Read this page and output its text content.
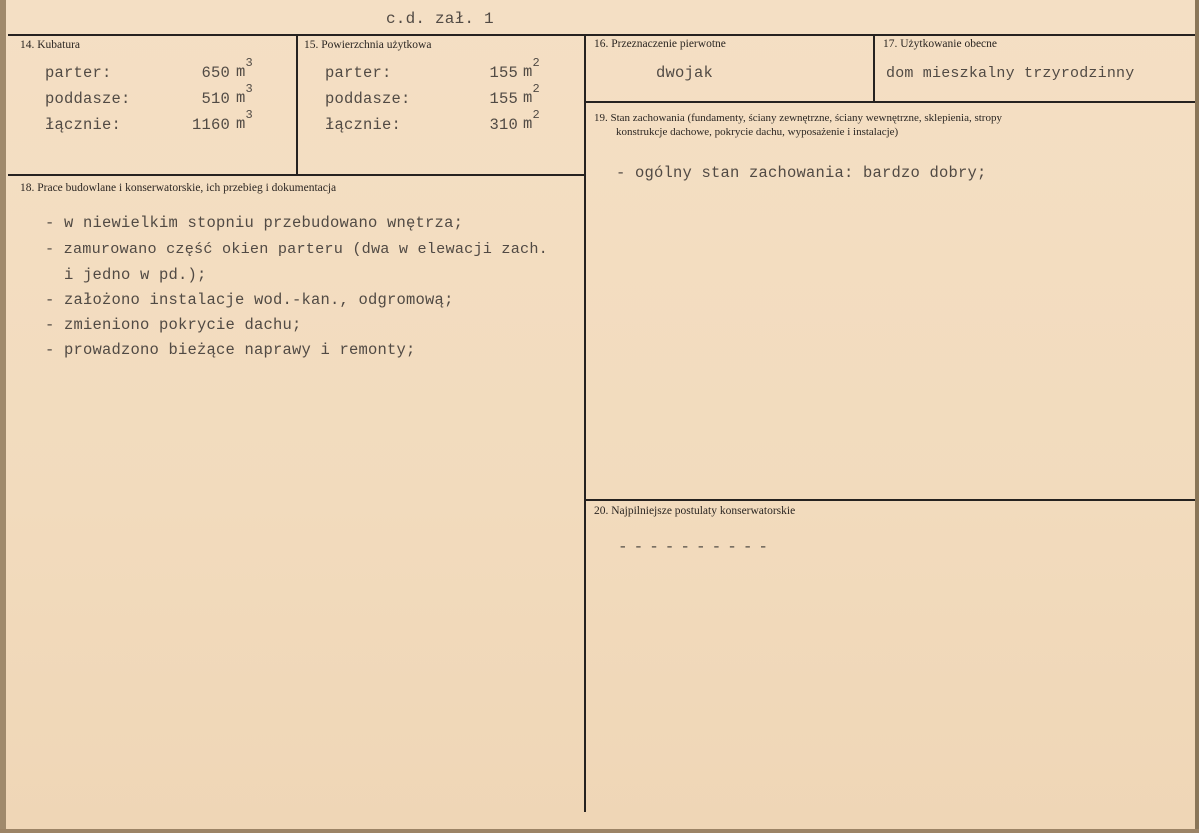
c.d. zał. 1
14. Kubatura
parter:	650 $m^3$
poddasze:	510 $m^3$
łącznie:	1160 $m^3$
15. Powierzchnia użytkowa
parter:	155 $m^2$
poddasze:	155 $m^2$
łącznie:	310 $m^2$
16. Przeznaczenie pierwotne
dwojak
17. Użytkowanie obecne
dom mieszkalny trzyrodzinny
18. Prace budowlane i konserwatorskie, ich przebieg i dokumentacja
- w niewielkim stopniu przebudowano wnętrza;
- zamurowano część okien parteru (dwa w elewacji zach.
i jedno w pd.);
- założono instalacje wod.-kan., odgromową;
- zmieniono pokrycie dachu;
- prowadzono bieżące naprawy i remonty;
19. Stan zachowania (fundamenty, ściany zewnętrzne, ściany wewnętrzne, sklepienia, stropy
konstrukcje dachowe, pokrycie dachu, wyposażenie i instalacje)
- ogólny stan zachowania: bardzo dobry;
20. Najpilniejsze postulaty konserwatorskie
----------
